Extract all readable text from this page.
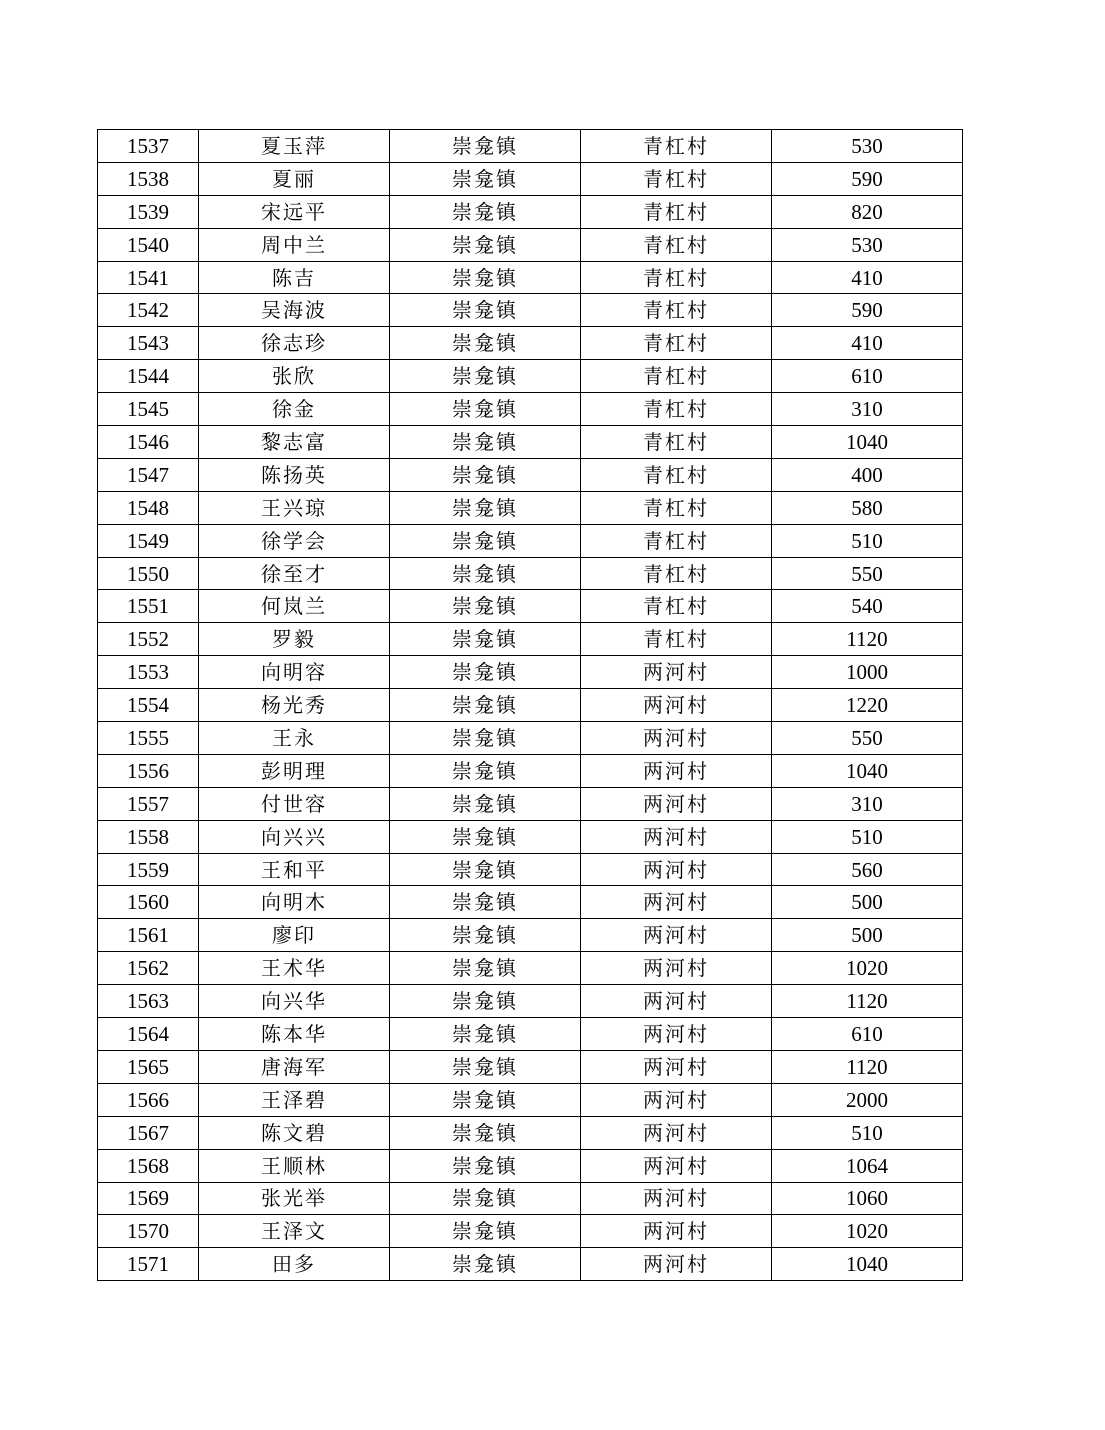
1537	夏玉萍	崇龛镇	青杠村	530
1538	夏丽	崇龛镇	青杠村	590
1539	宋远平	崇龛镇	青杠村	820
1540	周中兰	崇龛镇	青杠村	530
1541	陈吉	崇龛镇	青杠村	410
1542	吴海波	崇龛镇	青杠村	590
1543	徐志珍	崇龛镇	青杠村	410
1544	张欣	崇龛镇	青杠村	610
1545	徐金	崇龛镇	青杠村	310
1546	黎志富	崇龛镇	青杠村	1040
1547	陈扬英	崇龛镇	青杠村	400
1548	王兴琼	崇龛镇	青杠村	580
1549	徐学会	崇龛镇	青杠村	510
1550	徐至才	崇龛镇	青杠村	550
1551	何岚兰	崇龛镇	青杠村	540
1552	罗毅	崇龛镇	青杠村	1120
1553	向明容	崇龛镇	两河村	1000
1554	杨光秀	崇龛镇	两河村	1220
1555	王永	崇龛镇	两河村	550
1556	彭明理	崇龛镇	两河村	1040
1557	付世容	崇龛镇	两河村	310
1558	向兴兴	崇龛镇	两河村	510
1559	王和平	崇龛镇	两河村	560
1560	向明木	崇龛镇	两河村	500
1561	廖印	崇龛镇	两河村	500
1562	王术华	崇龛镇	两河村	1020
1563	向兴华	崇龛镇	两河村	1120
1564	陈本华	崇龛镇	两河村	610
1565	唐海军	崇龛镇	两河村	1120
1566	王泽碧	崇龛镇	两河村	2000
1567	陈文碧	崇龛镇	两河村	510
1568	王顺林	崇龛镇	两河村	1064
1569	张光举	崇龛镇	两河村	1060
1570	王泽文	崇龛镇	两河村	1020
1571	田多	崇龛镇	两河村	1040
